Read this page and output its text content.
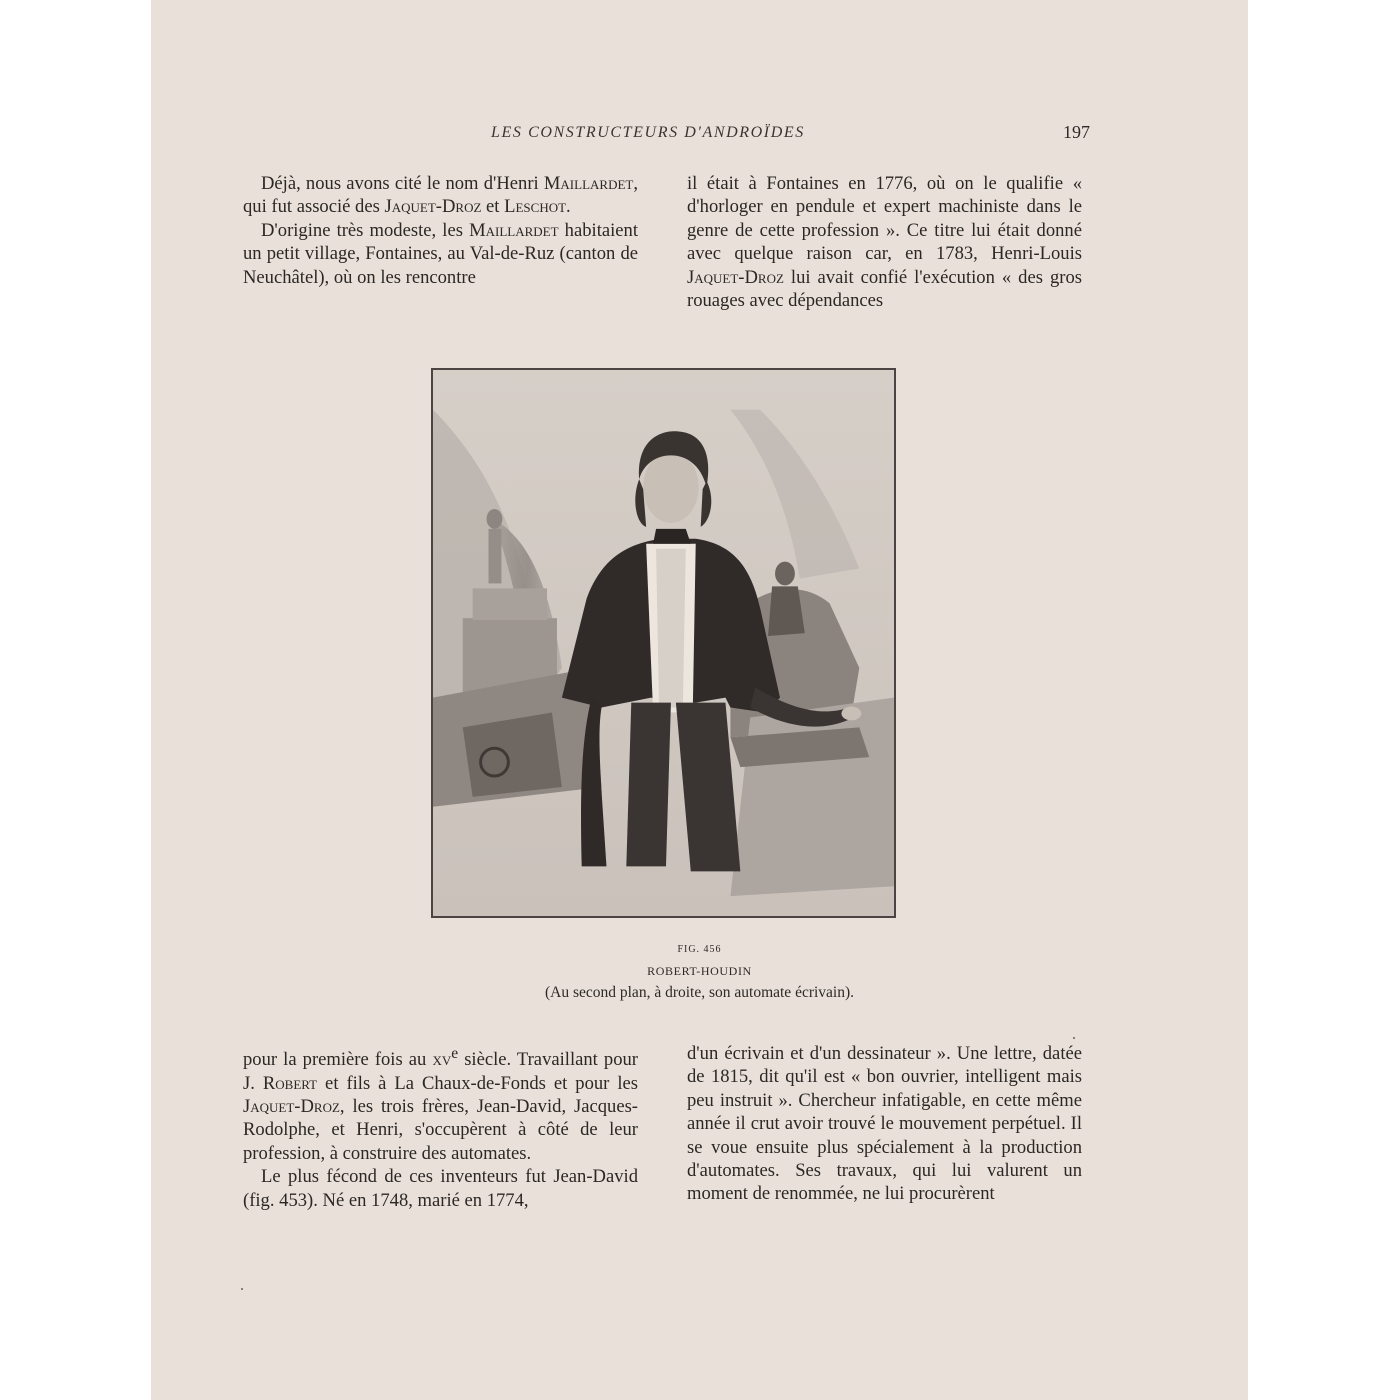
LES CONSTRUCTEURS D'ANDROÏDES	197

Déjà, nous avons cité le nom d'Henri Maillardet, qui fut associé des Jaquet-Droz et Leschot.

D'origine très modeste, les Maillardet habitaient un petit village, Fontaines, au Val-de-Ruz (canton de Neuchâtel), où on les rencontre

il était à Fontaines en 1776, où on le qualifie « d'horloger en pendule et expert machiniste dans le genre de cette profession ». Ce titre lui était donné avec quelque raison car, en 1783, Henri-Louis Jaquet-Droz lui avait confié l'exécution « des gros rouages avec dépendances

FIG. 456
ROBERT-HOUDIN
(Au second plan, à droite, son automate écrivain).

pour la première fois au $xv^e$ siècle. Travaillant pour J. Robert et fils à La Chaux-de-Fonds et pour les Jaquet-Droz, les trois frères, Jean-David, Jacques-Rodolphe, et Henri, s'occupèrent à côté de leur profession, à construire des automates.

Le plus fécond de ces inventeurs fut Jean-David (fig. 453). Né en 1748, marié en 1774,

d'un écrivain et d'un dessinateur ». Une lettre, datée de 1815, dit qu'il est « bon ouvrier, intelligent mais peu instruit ». Chercheur infatigable, en cette même année il crut avoir trouvé le mouvement perpétuel. Il se voue ensuite plus spécialement à la production d'automates. Ses travaux, qui lui valurent un moment de renommée, ne lui procurèrent
